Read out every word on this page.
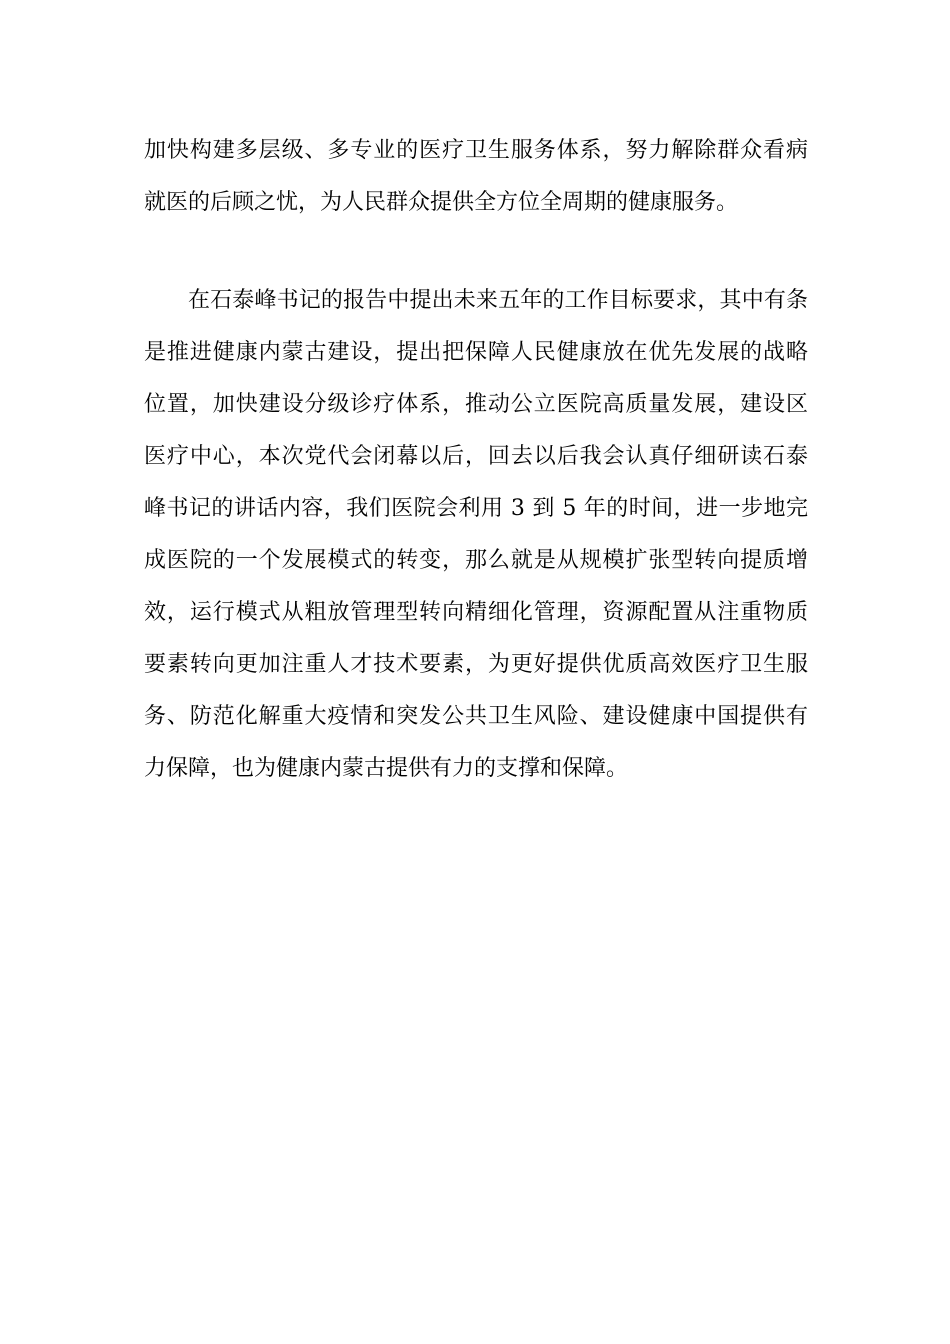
加快构建多层级、多专业的医疗卫生服务体系，努力解除群众看病
就医的后顾之忧，为人民群众提供全方位全周期的健康服务。
在石泰峰书记的报告中提出未来五年的工作目标要求，其中有条
是推进健康内蒙古建设，提出把保障人民健康放在优先发展的战略
位置，加快建设分级诊疗体系，推动公立医院高质量发展，建设区
医疗中心，本次党代会闭幕以后，回去以后我会认真仔细研读石泰
峰书记的讲话内容，我们医院会利用 3 到 5 年的时间，进一步地完
成医院的一个发展模式的转变，那么就是从规模扩张型转向提质增
效，运行模式从粗放管理型转向精细化管理，资源配置从注重物质
要素转向更加注重人才技术要素，为更好提供优质高效医疗卫生服
务、防范化解重大疫情和突发公共卫生风险、建设健康中国提供有
力保障，也为健康内蒙古提供有力的支撑和保障。
